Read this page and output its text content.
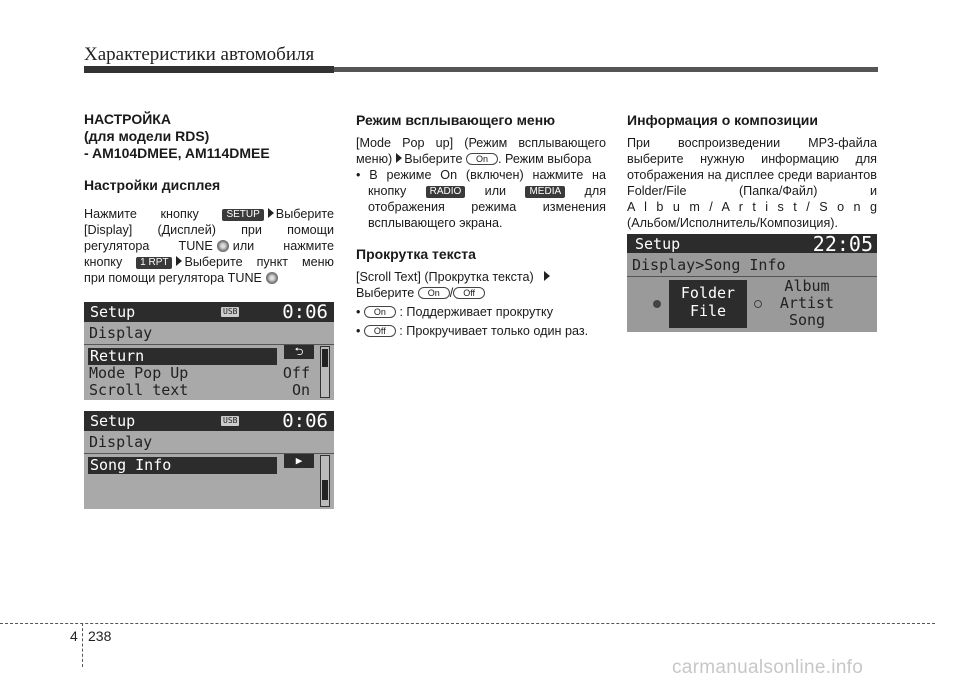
Характеристики автомобиля

НАСТРОЙКА

(для модели RDS)

- AM104DMEE, AM114DMEE

Настройки дисплея

Нажмите кнопку	SETUP Выберите

[Display] (Дисплей) при помощи

регулятора TUNE или нажмите

кнопку 1 RPT Выберите пункт меню

при помощи регулятора TUNE

Setup	USB 0:06
Display
Return	⮌
Mode Pop Up	Off
Scroll text	On
Setup	USB 0:06
Display
Song Info	▶

Режим всплывающего меню

[Mode Pop up] (Режим всплывающего

меню) Выберите On . Режим выбора

• В режиме On (включен) нажмите на

кнопку RADIO или MEDIA для

отображения режима изменения

всплывающего экрана.

Прокрутка текста

[Scroll Text] (Прокрутка текста)

Выберите On / Off

• On : Поддерживает прокрутку

• Off : Прокручивает только один раз.

Информация о композиции

При воспроизведении MP3-файла выберите нужную информацию для отображения на дисплее среди вариантов Folder/File (Папка/Файл) и

A l b u m / A r t i s t / S o n g

(Альбом/Исполнитель/Композиция).

Setup	22:05
Display>Song Info
Folder
File
Album
Artist
Song
4 238
carmanualsonline.info
